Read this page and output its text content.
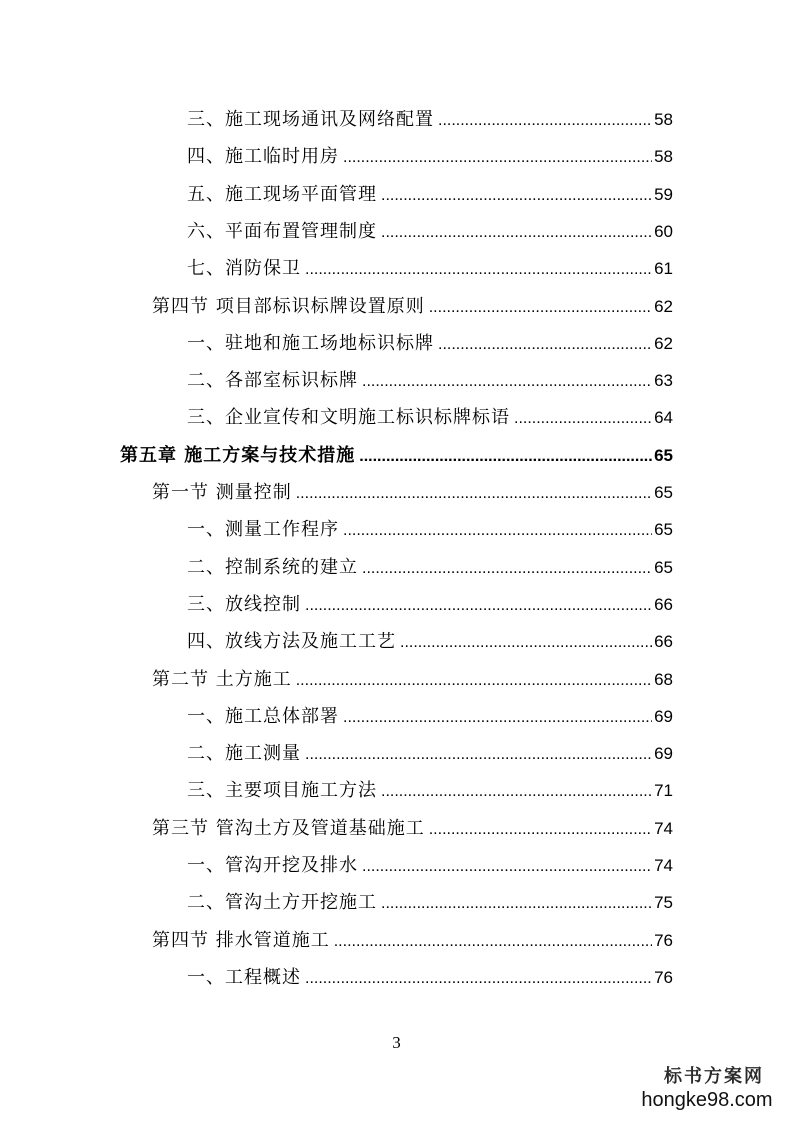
三、施工现场通讯及网络配置 .....	58
四、施工临时用房 .....	58
五、施工现场平面管理 .....	59
六、平面布置管理制度 .....	60
七、消防保卫 .....	61
第四节 项目部标识标牌设置原则 .....	62
一、驻地和施工场地标识标牌 .....	62
二、各部室标识标牌 .....	63
三、企业宣传和文明施工标识标牌标语 .....	64
第五章 施工方案与技术措施 .....	65
第一节 测量控制 .....	65
一、测量工作程序 .....	65
二、控制系统的建立 .....	65
三、放线控制 .....	66
四、放线方法及施工工艺 .....	66
第二节 土方施工 .....	68
一、施工总体部署 .....	69
二、施工测量 .....	69
三、主要项目施工方法 .....	71
第三节 管沟土方及管道基础施工 .....	74
一、管沟开挖及排水 .....	74
二、管沟土方开挖施工 .....	75
第四节 排水管道施工 .....	76
一、工程概述 .....	76
3
标书方案网
hongke98.com
